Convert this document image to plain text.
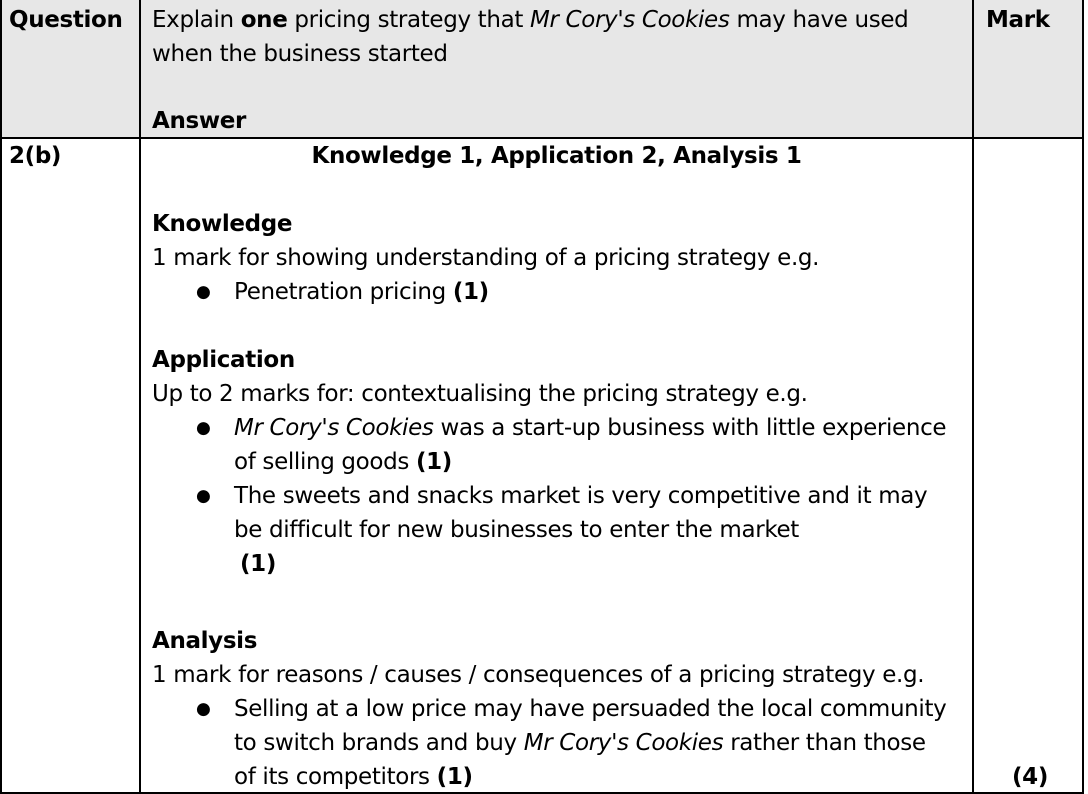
Question Explain one pricing strategy that Mr Cory's Cookies may have used
when the business started
Answer
Mark
2(b)	Knowledge 1, Application 2, Analysis 1
Knowledge
1 mark for showing understanding of a pricing strategy e.g.
● Penetration pricing (1)
Application
Up to 2 marks for: contextualising the pricing strategy e.g.
● Mr Cory's Cookies was a start-up business with little experience
of selling goods (1)
● The sweets and snacks market is very competitive and it may
be difficult for new businesses to enter the market
(1)
Analysis
1 mark for reasons / causes / consequences of a pricing strategy e.g.
● Selling at a low price may have persuaded the local community
to switch brands and buy Mr Cory's Cookies rather than those
of its competitors (1)	(4)
